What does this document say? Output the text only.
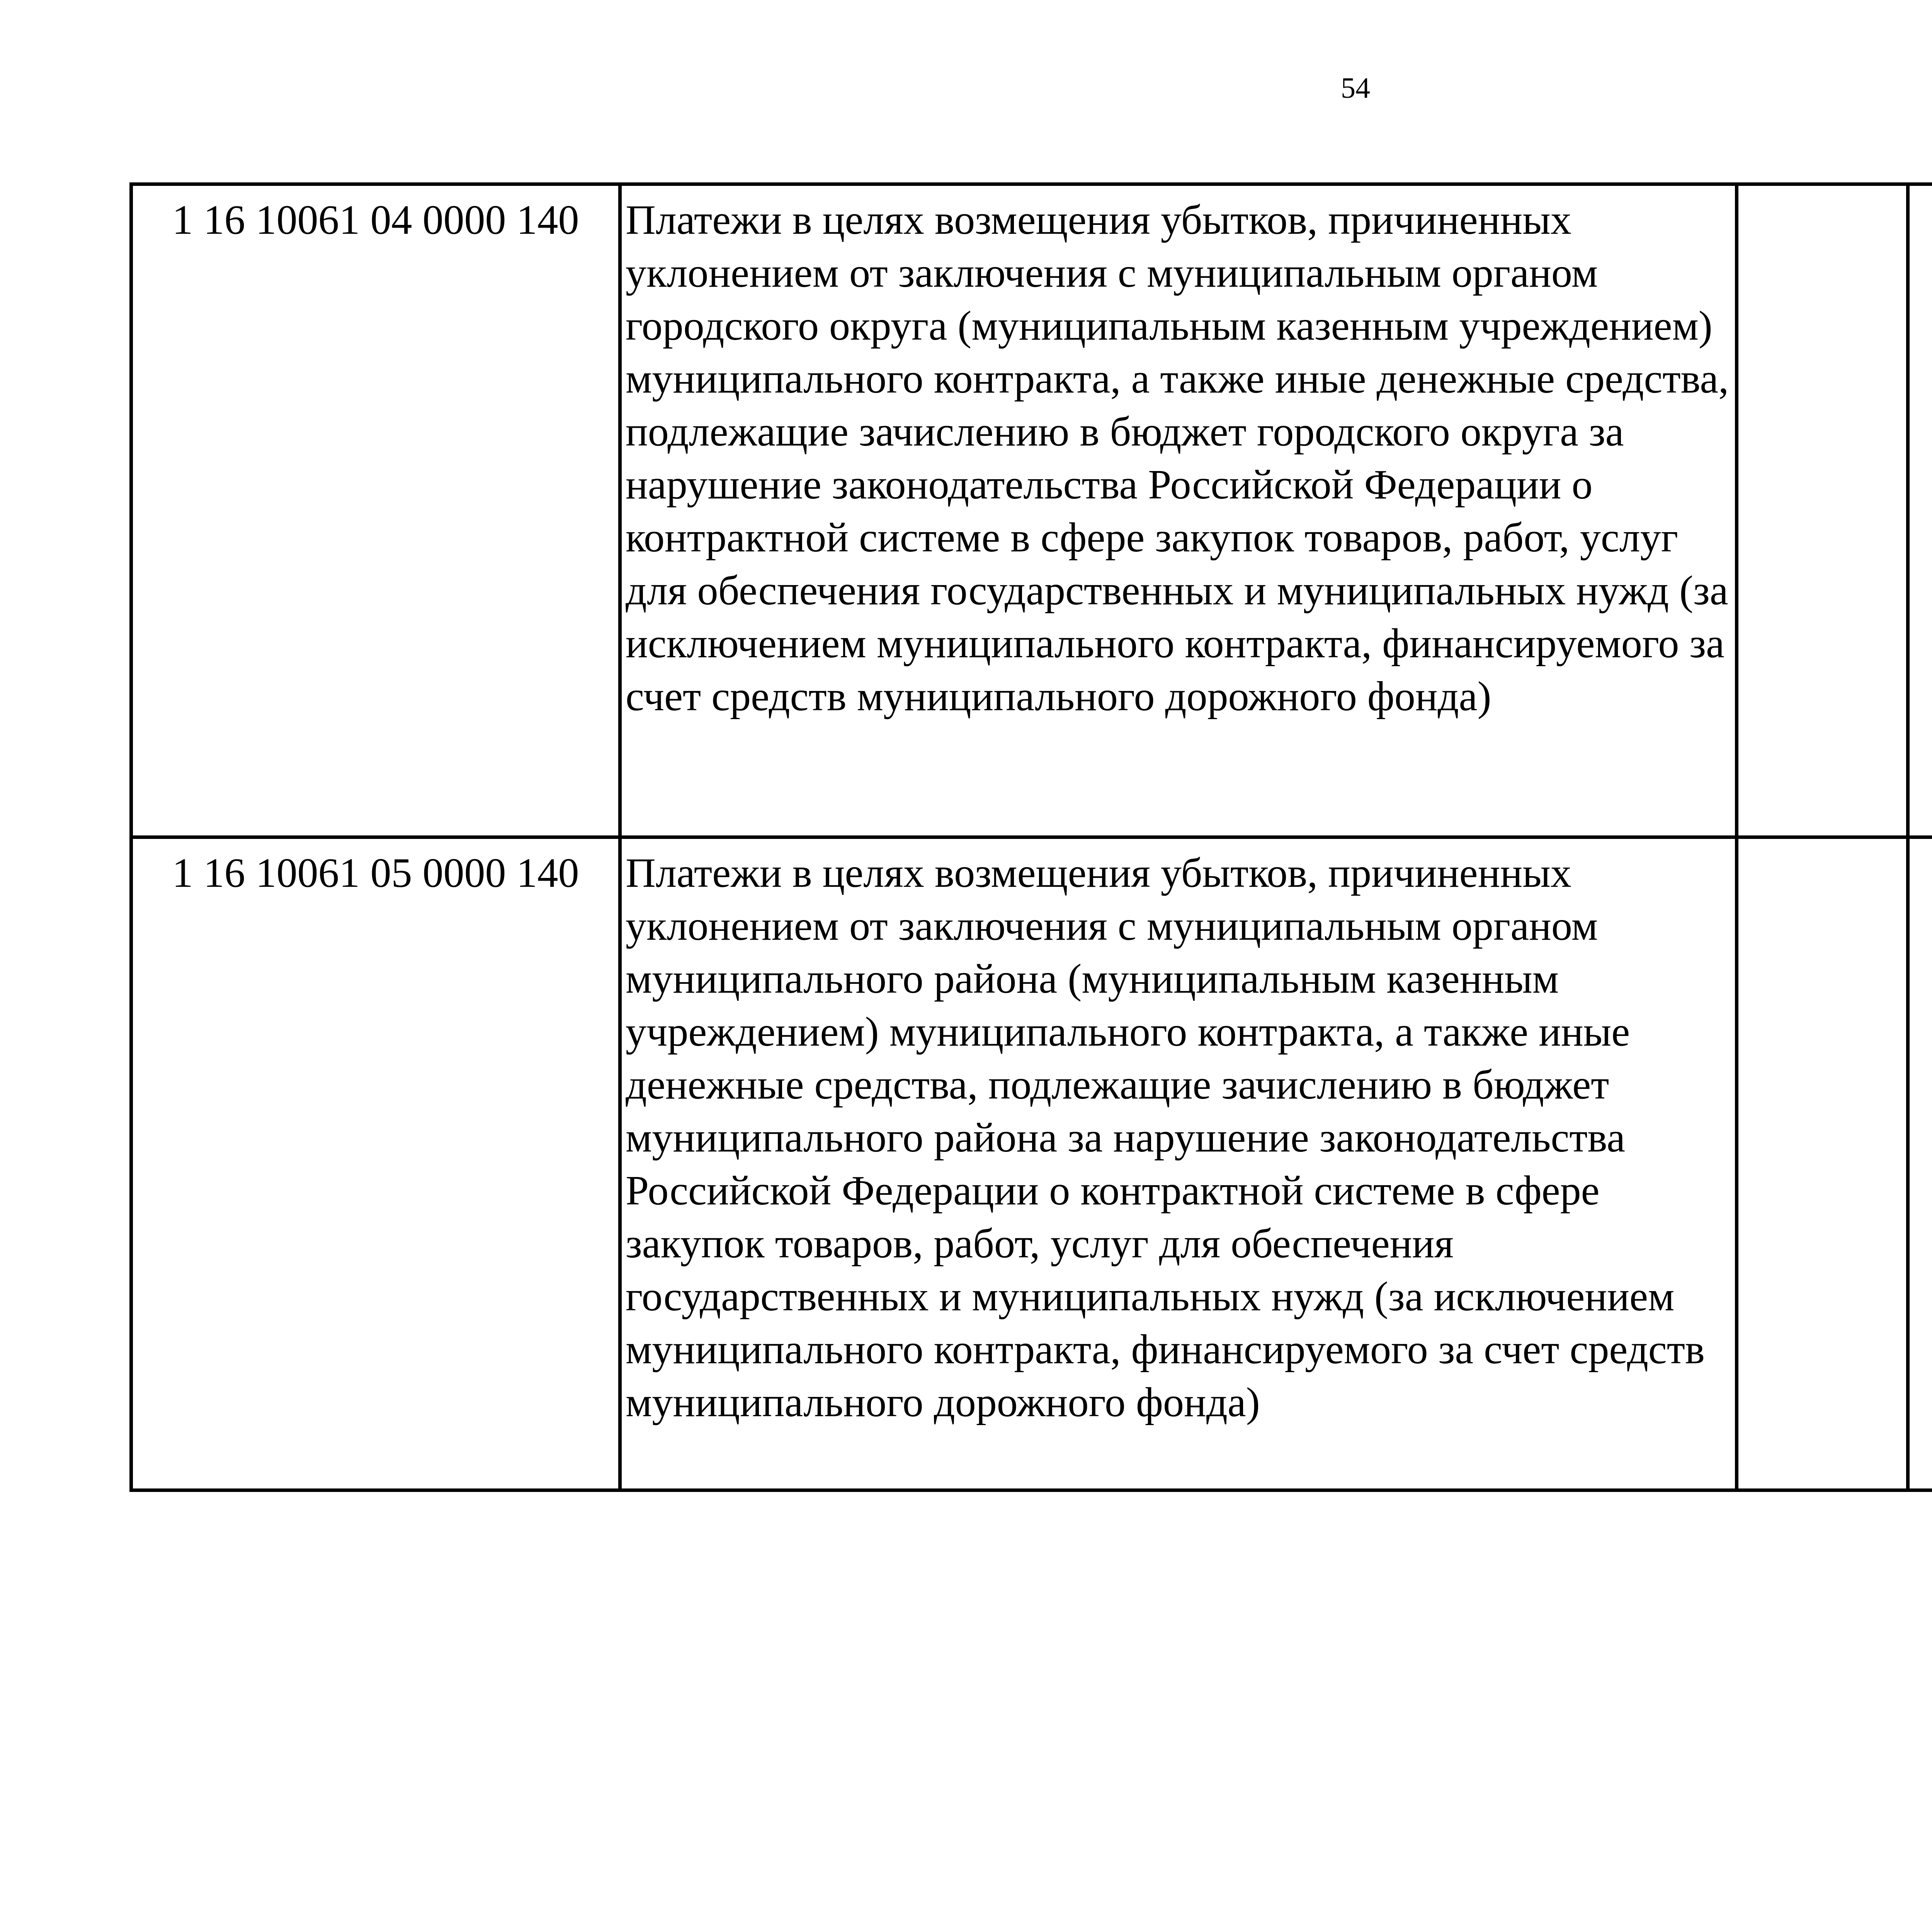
54
1 16 10061 04 0000 140	Платежи в целях возмещения убытков, причиненных уклонением от заключения с муниципальным органом городского округа (муниципальным казенным учреждением) муниципального контракта, а также иные денежные средства, подлежащие зачислению в бюджет городского округа за нарушение законодательства Российской Федерации о контрактной системе в сфере закупок товаров, работ, услуг для обеспечения государственных и муниципальных нужд (за исключением муниципального контракта, финансируемого за счет средств муниципального дорожного фонда)					
1 16 10061 05 0000 140	Платежи в целях возмещения убытков, причиненных уклонением от заключения с муниципальным органом муниципального района (муниципальным казенным учреждением) муниципального контракта, а также иные денежные средства, подлежащие зачислению в бюджет муниципального района за нарушение законодательства Российской Федерации о контрактной системе в сфере закупок товаров, работ, услуг для обеспечения государственных и муниципальных нужд (за исключением муниципального контракта, финансируемого за счет средств муниципального дорожного фонда)					
